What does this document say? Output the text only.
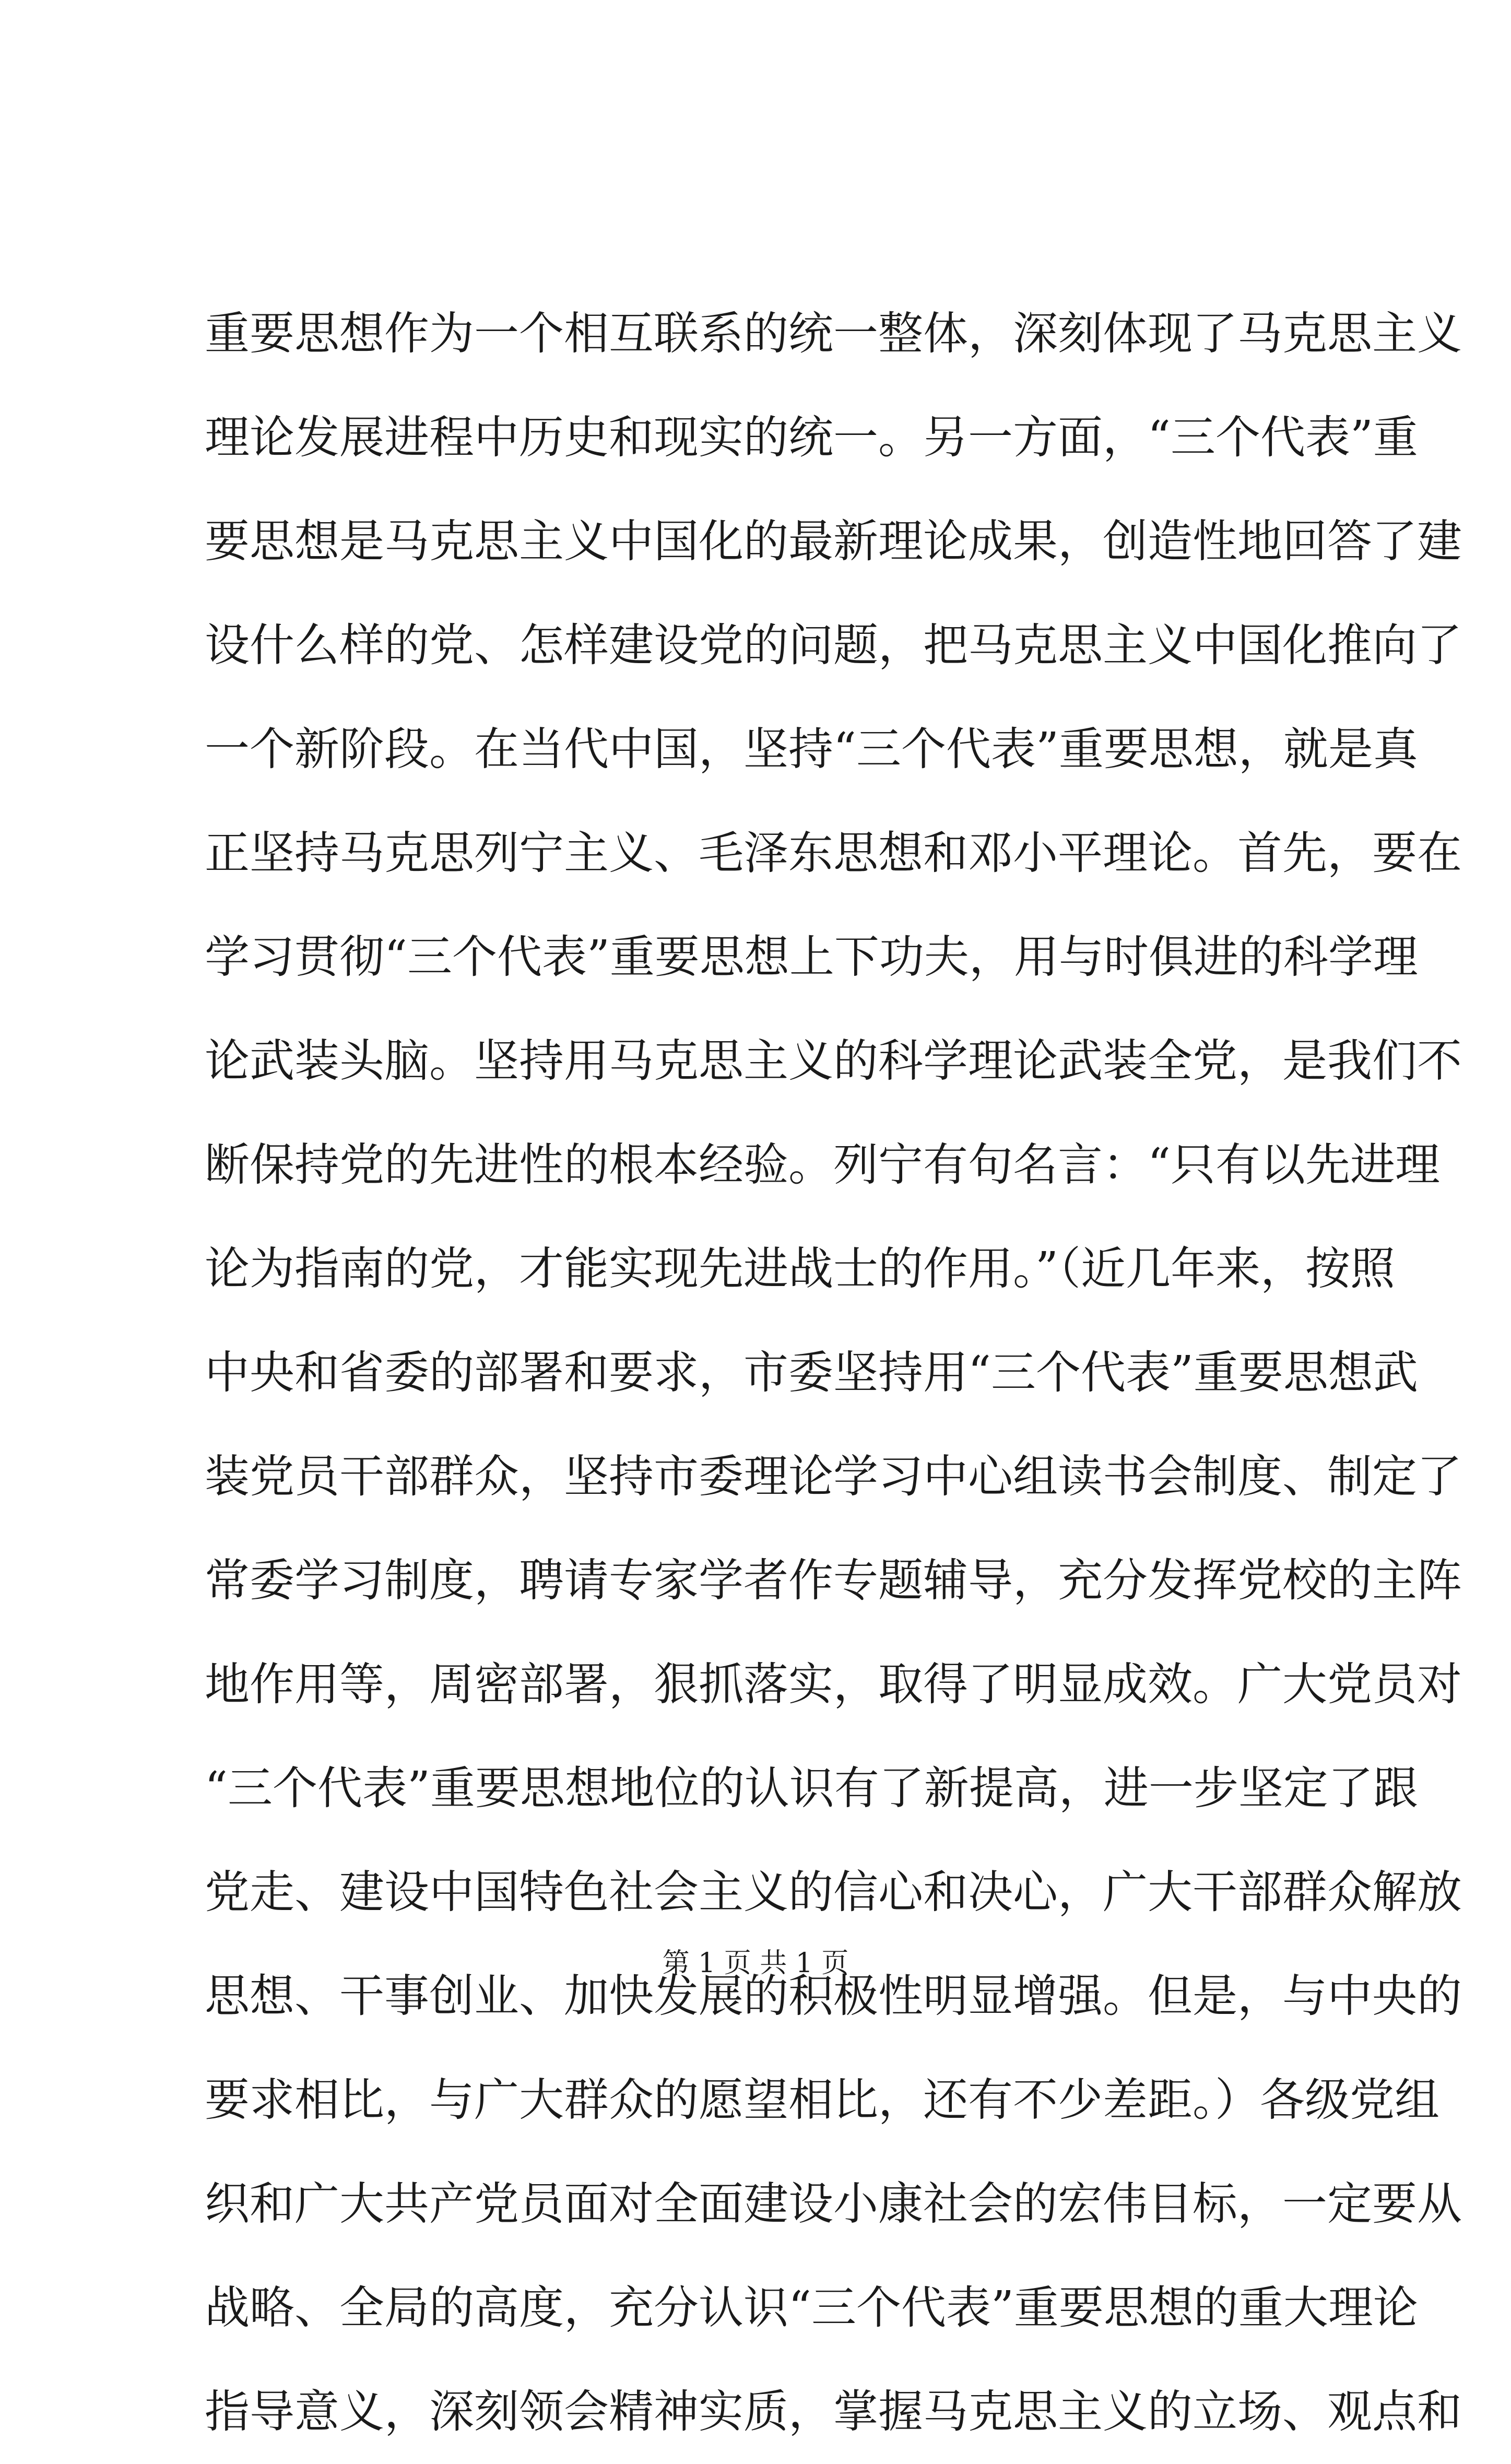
重要思想作为一个相互联系的统一整体，深刻体现了马克思主义
理论发展进程中历史和现实的统一。另一方面，“三个代表”重
要思想是马克思主义中国化的最新理论成果，创造性地回答了建
设什么样的党、怎样建设党的问题，把马克思主义中国化推向了
一个新阶段。在当代中国，坚持“三个代表”重要思想，就是真
正坚持马克思列宁主义、毛泽东思想和邓小平理论。首先，要在
学习贯彻“三个代表”重要思想上下功夫，用与时俱进的科学理
论武装头脑。坚持用马克思主义的科学理论武装全党，是我们不
断保持党的先进性的根本经验。列宁有句名言：“只有以先进理
论为指南的党，才能实现先进战士的作用。”（近几年来，按照
中央和省委的部署和要求，市委坚持用“三个代表”重要思想武
装党员干部群众，坚持市委理论学习中心组读书会制度、制定了
常委学习制度，聘请专家学者作专题辅导，充分发挥党校的主阵
地作用等，周密部署，狠抓落实，取得了明显成效。广大党员对
“三个代表”重要思想地位的认识有了新提高，进一步坚定了跟
党走、建设中国特色社会主义的信心和决心，广大干部群众解放
思想、干事创业、加快发展的积极性明显增强。但是，与中央的
要求相比，与广大群众的愿望相比，还有不少差距。）各级党组
织和广大共产党员面对全面建设小康社会的宏伟目标，一定要从
战略、全局的高度，充分认识“三个代表”重要思想的重大理论
指导意义，深刻领会精神实质，掌握马克思主义的立场、观点和
第 1 页 共 1 页
